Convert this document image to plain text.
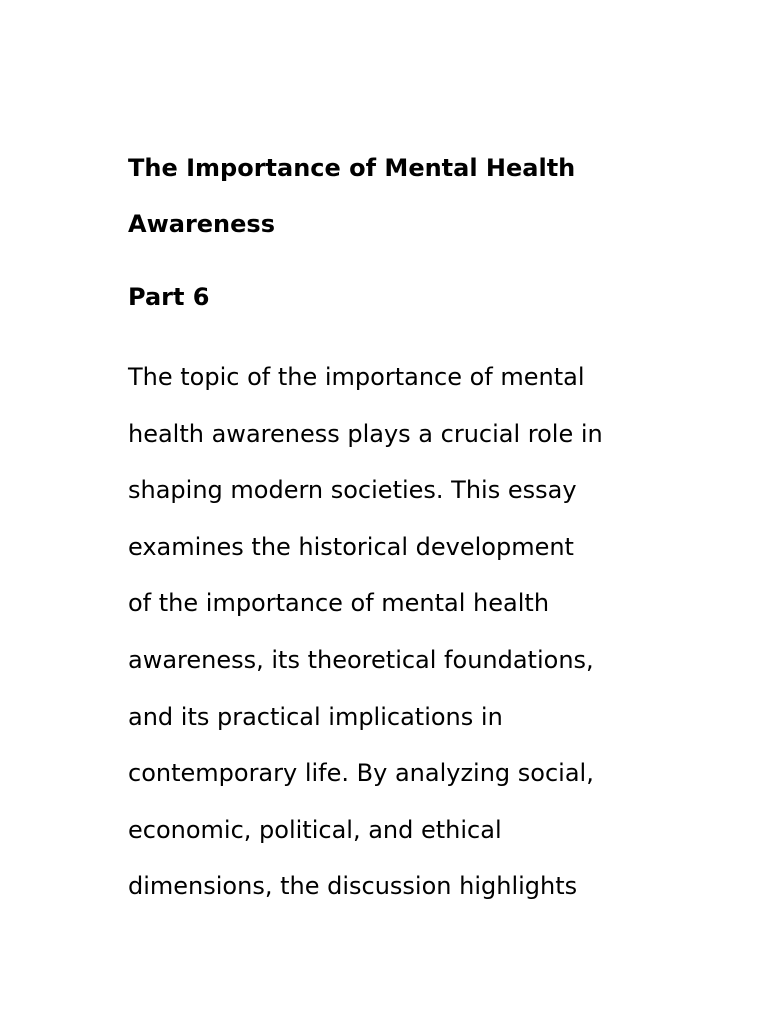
The Importance of Mental Health
Awareness
Part 6

The topic of the importance of mental
health awareness plays a crucial role in
shaping modern societies. This essay
examines the historical development
of the importance of mental health
awareness, its theoretical foundations,
and its practical implications in
contemporary life. By analyzing social,
economic, political, and ethical
dimensions, the discussion highlights
